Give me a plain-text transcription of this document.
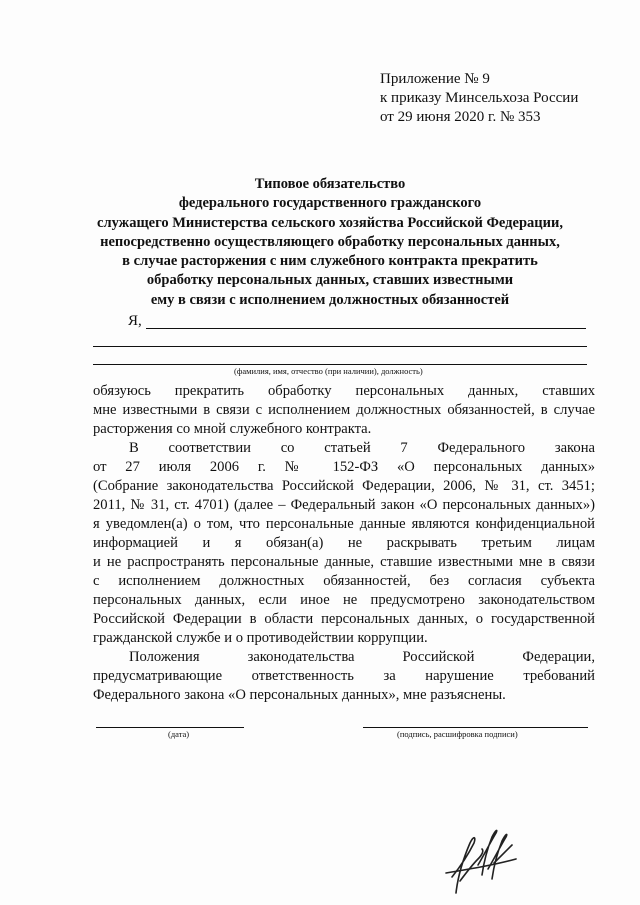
Приложение № 9
к приказу Минсельхоза России
от 29 июня 2020 г. № 353
Типовое обязательство
федерального государственного гражданского
служащего Министерства сельского хозяйства Российской Федерации,
непосредственно осуществляющего обработку персональных данных,
в случае расторжения с ним служебного контракта прекратить
обработку персональных данных, ставших известными
ему в связи с исполнением должностных обязанностей
Я,
(фамилия, имя, отчество (при наличии), должность)
обязуюсь прекратить обработку персональных данных, ставших
мне известными в связи с исполнением должностных обязанностей, в случае
расторжения со мной служебного контракта.
В соответствии со статьей 7 Федерального закона
от 27 июля 2006 г. № 152-ФЗ «О персональных данных»
(Собрание законодательства Российской Федерации, 2006, № 31, ст. 3451;
2011, № 31, ст. 4701) (далее – Федеральный закон «О персональных данных»)
я уведомлен(а) о том, что персональные данные являются конфиденциальной
информацией и я обязан(а) не раскрывать третьим лицам
и не распространять персональные данные, ставшие известными мне в связи
с исполнением должностных обязанностей, без согласия субъекта
персональных данных, если иное не предусмотрено законодательством
Российской Федерации в области персональных данных, о государственной
гражданской службе и о противодействии коррупции.
Положения законодательства Российской Федерации,
предусматривающие ответственность за нарушение требований
Федерального закона «О персональных данных», мне разъяснены.
(дата)	(подпись, расшифровка подписи)
